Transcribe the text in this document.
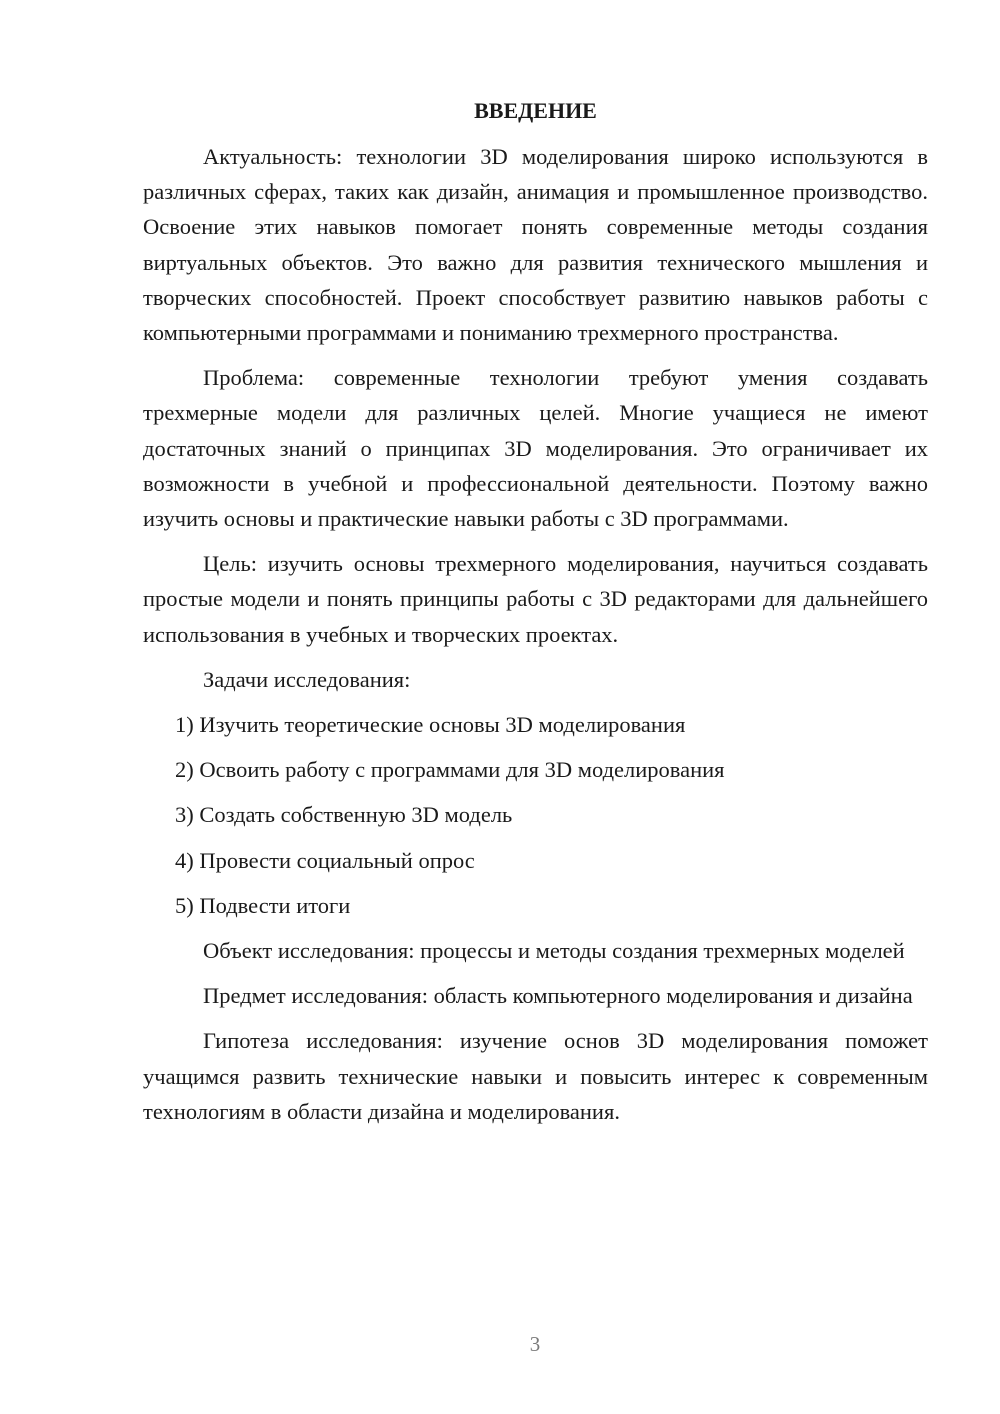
ВВЕДЕНИЕ

Актуальность: технологии 3D моделирования широко используются в различных сферах, таких как дизайн, анимация и промышленное производство. Освоение этих навыков помогает понять современные методы создания виртуальных объектов. Это важно для развития технического мышления и творческих способностей. Проект способствует развитию навыков работы с компьютерными программами и пониманию трехмерного пространства.

Проблема: современные технологии требуют умения создавать трехмерные модели для различных целей. Многие учащиеся не имеют достаточных знаний о принципах 3D моделирования. Это ограничивает их возможности в учебной и профессиональной деятельности. Поэтому важно изучить основы и практические навыки работы с 3D программами.

Цель: изучить основы трехмерного моделирования, научиться создавать простые модели и понять принципы работы с 3D редакторами для дальнейшего использования в учебных и творческих проектах.

Задачи исследования:

1) Изучить теоретические основы 3D моделирования
2) Освоить работу с программами для 3D моделирования
3) Создать собственную 3D модель
4) Провести социальный опрос
5) Подвести итоги

Объект исследования: процессы и методы создания трехмерных моделей

Предмет исследования: область компьютерного моделирования и дизайна

Гипотеза исследования: изучение основ 3D моделирования поможет учащимся развить технические навыки и повысить интерес к современным технологиям в области дизайна и моделирования.

3
